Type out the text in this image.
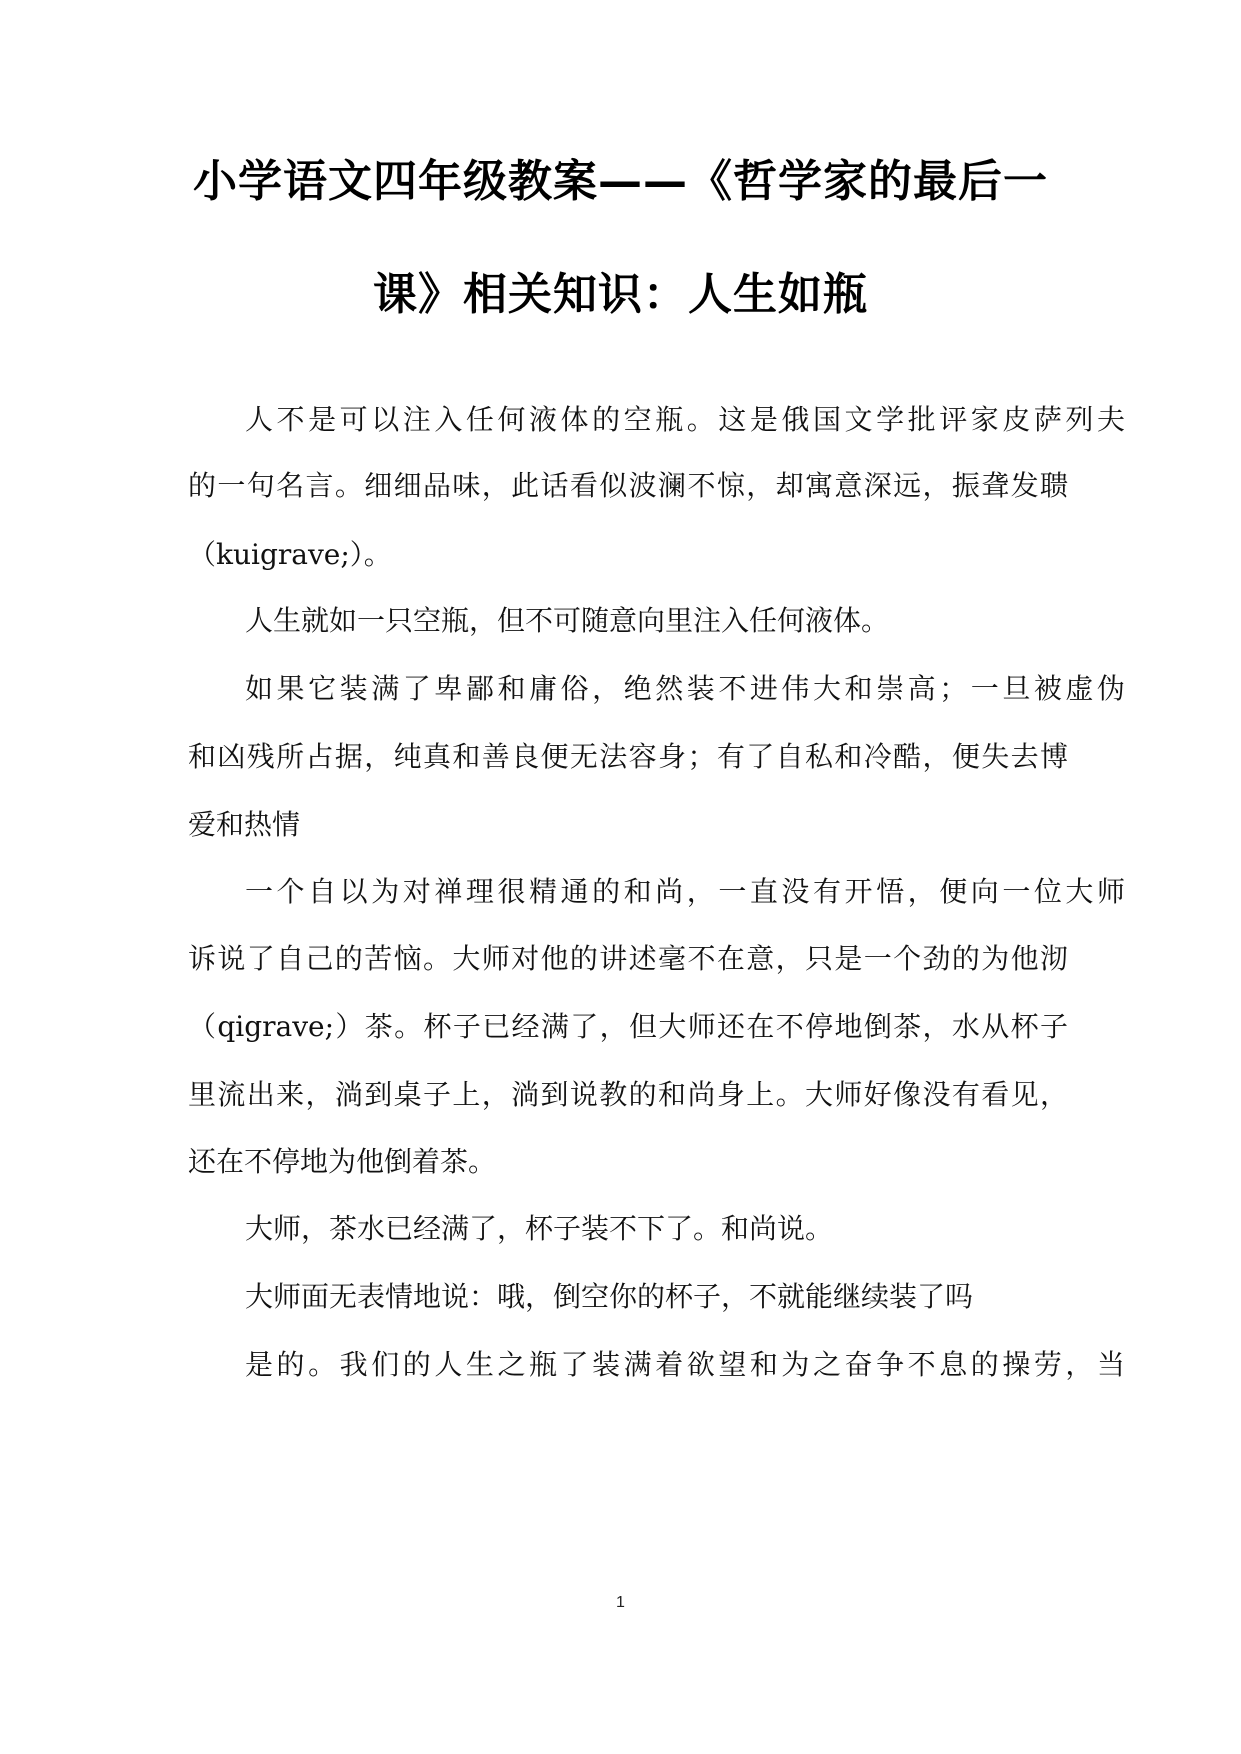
小学语文四年级教案——《哲学家的最后一
课》相关知识：人生如瓶
人不是可以注入任何液体的空瓶。这是俄国文学批评家皮萨列夫
的一句名言。细细品味，此话看似波澜不惊，却寓意深远，振聋发聩
（kuigrave;）。
人生就如一只空瓶，但不可随意向里注入任何液体。
如果它装满了卑鄙和庸俗，绝然装不进伟大和崇高；一旦被虚伪
和凶残所占据，纯真和善良便无法容身；有了自私和冷酷，便失去博
爱和热情
一个自以为对禅理很精通的和尚，一直没有开悟，便向一位大师
诉说了自己的苦恼。大师对他的讲述毫不在意，只是一个劲的为他沏
（qigrave;）茶。杯子已经满了，但大师还在不停地倒茶，水从杯子
里流出来，淌到桌子上，淌到说教的和尚身上。大师好像没有看见，
还在不停地为他倒着茶。
大师，茶水已经满了，杯子装不下了。和尚说。
大师面无表情地说：哦，倒空你的杯子，不就能继续装了吗
是的。我们的人生之瓶了装满着欲望和为之奋争不息的操劳，当
1
